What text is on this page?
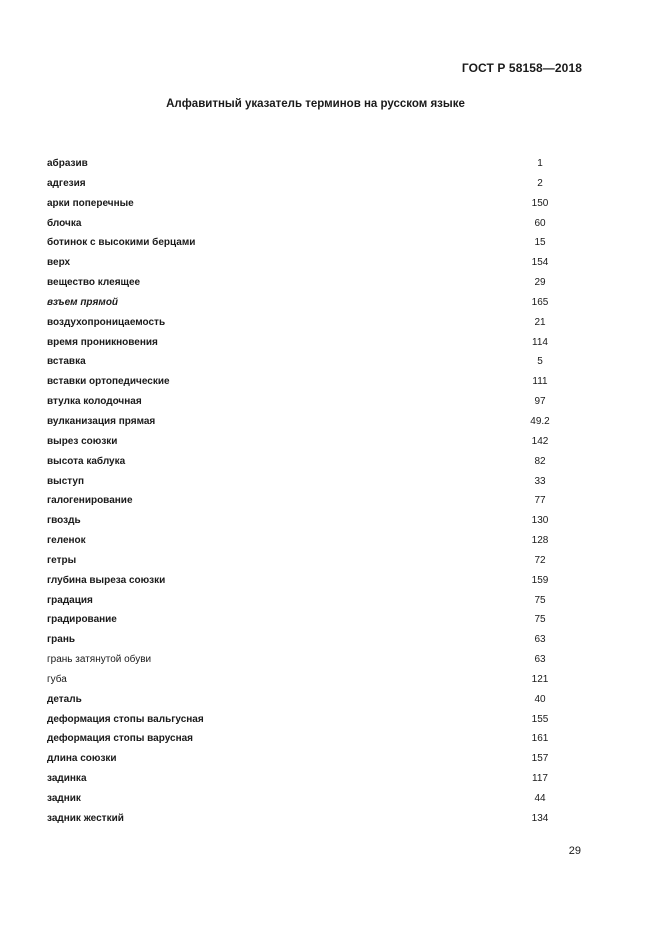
ГОСТ Р 58158—2018
Алфавитный указатель терминов на русском языке
абразив	1
адгезия	2
арки поперечные	150
блочка	60
ботинок с высокими берцами	15
верх	154
вещество клеящее	29
взъем прямой	165
воздухопроницаемость	21
время проникновения	114
вставка	5
вставки ортопедические	111
втулка колодочная	97
вулканизация прямая	49.2
вырез союзки	142
высота каблука	82
выступ	33
галогенирование	77
гвоздь	130
геленок	128
гетры	72
глубина выреза союзки	159
градация	75
градирование	75
грань	63
грань затянутой обуви	63
губа	121
деталь	40
деформация стопы вальгусная	155
деформация стопы варусная	161
длина союзки	157
задинка	117
задник	44
задник жесткий	134
29
